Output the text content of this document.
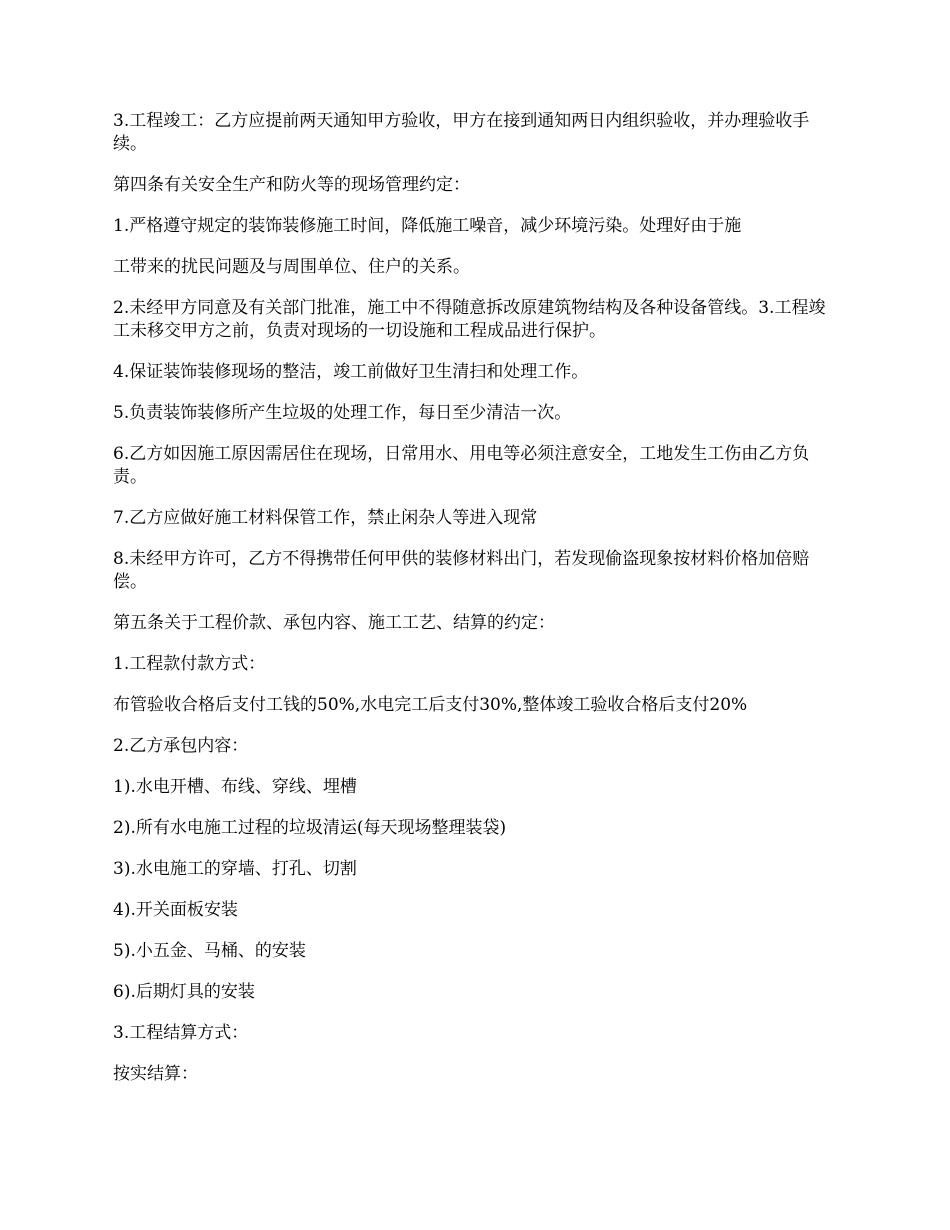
3.工程竣工：乙方应提前两天通知甲方验收，甲方在接到通知两日内组织验收，并办理验收手续。

第四条有关安全生产和防火等的现场管理约定：

1.严格遵守规定的装饰装修施工时间，降低施工噪音，减少环境污染。处理好由于施

工带来的扰民问题及与周围单位、住户的关系。

2.未经甲方同意及有关部门批准，施工中不得随意拆改原建筑物结构及各种设备管线。3.工程竣工未移交甲方之前，负责对现场的一切设施和工程成品进行保护。

4.保证装饰装修现场的整洁，竣工前做好卫生清扫和处理工作。

5.负责装饰装修所产生垃圾的处理工作，每日至少清洁一次。

6.乙方如因施工原因需居住在现场，日常用水、用电等必须注意安全，工地发生工伤由乙方负责。

7.乙方应做好施工材料保管工作，禁止闲杂人等进入现常

8.未经甲方许可，乙方不得携带任何甲供的装修材料出门，若发现偷盗现象按材料价格加倍赔偿。

第五条关于工程价款、承包内容、施工工艺、结算的约定：

1.工程款付款方式：

布管验收合格后支付工钱的50%,水电完工后支付30%,整体竣工验收合格后支付20%

2.乙方承包内容：

1).水电开槽、布线、穿线、埋槽

2).所有水电施工过程的垃圾清运(每天现场整理装袋)

3).水电施工的穿墙、打孔、切割

4).开关面板安装

5).小五金、马桶、的安装

6).后期灯具的安装

3.工程结算方式：

按实结算：
